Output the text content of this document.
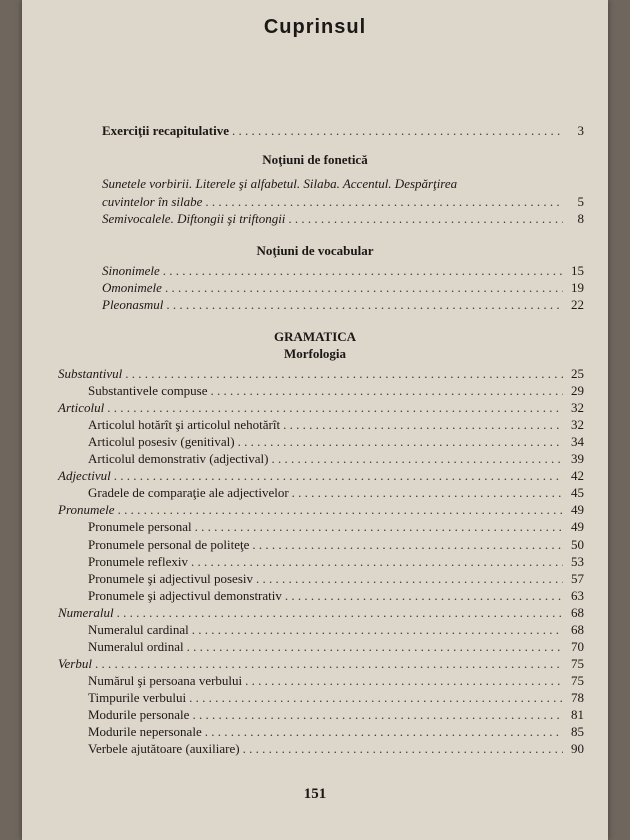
Cuprinsul
Exerciţii recapitulative . . .	3
Noţiuni de fonetică
Sunetele vorbirii. Literele şi alfabetul. Silaba. Accentul. Despărţirea
cuvintelor în silabe . . .	5
Semivocalele. Diftongii şi triftongii . . .	8
Noţiuni de vocabular
Sinonimele . . .	15
Omonimele . . .	19
Pleonasmul . . .	22
GRAMATICA
Morfologia
Substantivul . . .	25
Substantivele compuse . . .	29
Articolul . . .	32
Articolul hotărît şi articolul nehotărît . . .	32
Articolul posesiv (genitival) . . .	34
Articolul demonstrativ (adjectival) . . .	39
Adjectivul . . .	42
Gradele de comparaţie ale adjectivelor . . .	45
Pronumele . . .	49
Pronumele personal . . .	49
Pronumele personal de politeţe . . .	50
Pronumele reflexiv . . .	53
Pronumele şi adjectivul posesiv . . .	57
Pronumele şi adjectivul demonstrativ . . .	63
Numeralul . . .	68
Numeralul cardinal . . .	68
Numeralul ordinal . . .	70
Verbul . . .	75
Numărul şi persoana verbului . . .	75
Timpurile verbului . . .	78
Modurile personale . . .	81
Modurile nepersonale . . .	85
Verbele ajutătoare (auxiliare) . . .	90
151
